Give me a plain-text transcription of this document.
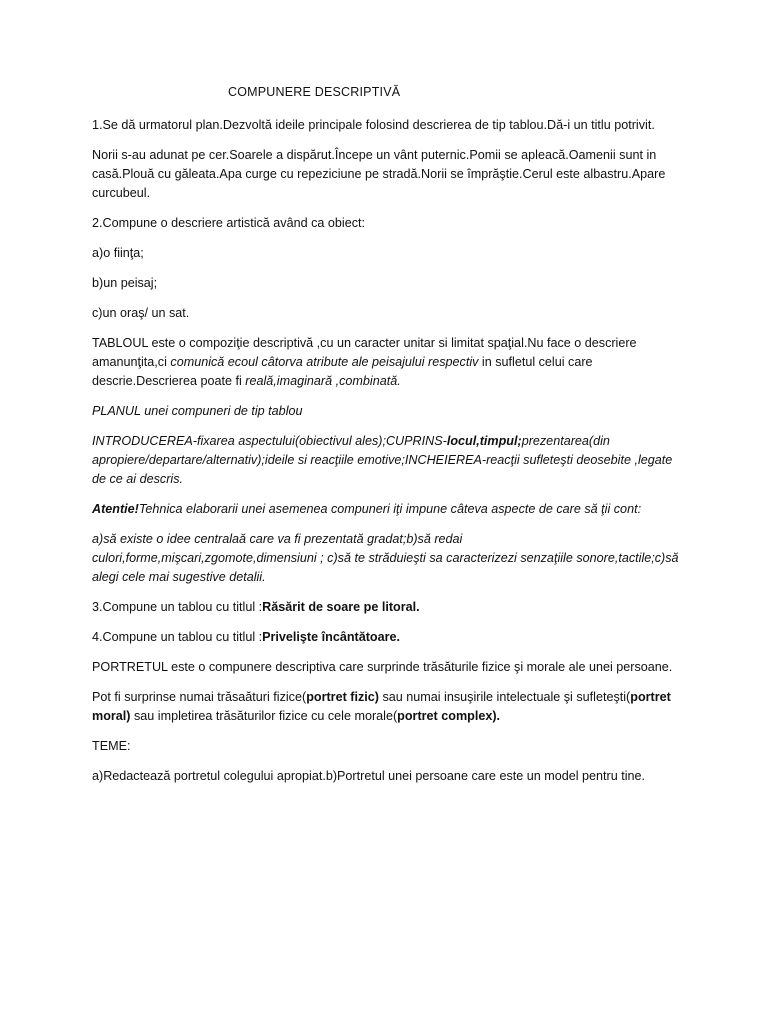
COMPUNERE DESCRIPTIVĂ

1.Se dă urmatorul plan.Dezvoltă ideile principale folosind descrierea de tip tablou.Dă-i un titlu potrivit.

Norii s-au adunat pe cer.Soarele a dispărut.Începe un vânt puternic.Pomii se apleacă.Oamenii sunt in casă.Plouă cu găleata.Apa curge cu repeziciune pe stradă.Norii se împrăştie.Cerul este albastru.Apare curcubeul.

2.Compune o descriere artistică având ca obiect:

a)o fiinţa;

b)un peisaj;

c)un oraş/ un sat.

TABLOUL este o compoziţie descriptivă ,cu un caracter unitar si limitat spaţial.Nu face o descriere amanunţita,ci comunică ecoul câtorva atribute ale peisajului respectiv in sufletul celui care descrie.Descrierea poate fi reală,imaginară ,combinată.

PLANUL unei compuneri de tip tablou

INTRODUCEREA-fixarea aspectului(obiectivul ales);CUPRINS-locul,timpul;prezentarea(din apropiere/departare/alternativ);ideile si reacţiile emotive;INCHEIEREA-reacţii sufleteşti deosebite ,legate de ce ai descris.

Atentie!Tehnica elaborarii unei asemenea compuneri iţi impune câteva aspecte de care să ţii cont:

a)să existe o idee centralaă care va fi prezentată gradat;b)să redai culori,forme,mişcari,zgomote,dimensiuni ; c)să te străduieşti sa caracterizezi senzaţiile sonore,tactile;c)să alegi cele mai sugestive detalii.

3.Compune un tablou cu titlul :Răsărit de soare pe litoral.

4.Compune un tablou cu titlul :Privelişte încântătoare.

PORTRETUL este o compunere descriptiva care surprinde trăsăturile fizice şi morale ale unei persoane.

Pot fi surprinse numai trăsaături fizice(portret fizic) sau numai insuşirile intelectuale şi sufleteşti(portret moral) sau impletirea trăsăturilor fizice cu cele morale(portret complex).

TEME:

a)Redactează portretul colegului apropiat.b)Portretul unei persoane care este un model pentru tine.
